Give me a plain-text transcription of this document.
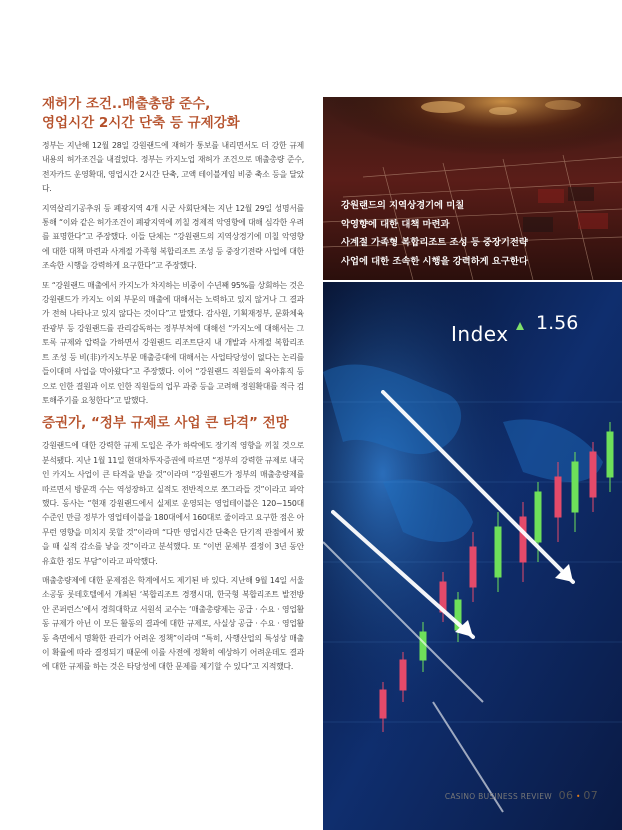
재허가 조건..매출총량 준수,
영업시간 2시간 단축 등 규제강화

정부는 지난해 12월 28일 강원랜드에 재허가 통보를 내리면서도 더 강한 규제 내용의 허가조건을 내걸었다. 정부는 카지노업 재허가 조건으로 매출총량 준수, 전자카드 운영확대, 영업시간 2시간 단축, 고액 테이블게임 비중 축소 등을 달았다.

지역살리기공추위 등 폐광지역 4개 시군 사회단체는 지난 12월 29일 성명서를 통해 “이와 같은 허가조건이 폐광지역에 끼칠 경제적 악영향에 대해 심각한 우려를 표명한다”고 주장했다. 이들 단체는 “강원랜드의 지역상경기에 미칠 악영향에 대한 대책 마련과 사계절 가족형 복합리조트 조성 등 중장기전략 사업에 대한 조속한 시행을 강력하게 요구한다”고 주장했다.

또 “강원랜드 매출에서 카지노가 차지하는 비중이 수년째 95%를 상회하는 것은 강원랜드가 카지노 이외 부문의 매출에 대해서는 노력하고 있지 않거나 그 결과가 전혀 나타나고 있지 않다는 것이다”고 말했다. 감사원, 기획재정부, 문화체육관광부 등 강원랜드를 관리감독하는 정부부처에 대해선 “카지노에 대해서는 그토록 규제와 압력을 가하면서 강원랜드 리조트단지 내 개발과 사계절 복합리조트 조성 등 비(非)카지노부문 매출증대에 대해서는 사업타당성이 없다는 논리를 들이대며 사업을 막아왔다”고 주장했다. 이어 “강원랜드 직원들의 육아휴직 등으로 인한 결원과 이로 인한 직원들의 업무 과중 등을 고려해 정원확대를 적극 검토해주기를 요청한다”고 말했다.

증권가, “정부 규제로 사업 큰 타격” 전망

강원랜드에 대한 강력한 규제 도입은 주가 하락에도 장기적 영향을 끼칠 것으로 분석됐다. 지난 1월 11일 현대차투자증권에 따르면 “정부의 강력한 규제로 내국인 카지노 사업이 큰 타격을 받을 것”이라며 “강원랜드가 정부의 매출총량제를 따르면서 방문객 수는 역성장하고 실적도 전반적으로 쪼그라들 것”이라고 파악했다. 동사는 “현재 강원랜드에서 실제로 운영되는 영업테이블은 120~150대 수준인 만큼 정부가 영업테이블을 180대에서 160대로 줄이라고 요구한 점은 아무런 영향을 미치지 못할 것”이라며 “다만 영업시간 단축은 단기적 관점에서 봤을 때 실적 감소를 낳을 것”이라고 분석했다. 또 “이번 문체부 결정이 3년 동안 유효한 점도 부담”이라고 파악했다.

매출총량제에 대한 문제점은 학계에서도 제기된 바 있다. 지난해 9월 14일 서울 소공동 롯데호텔에서 개최된 ‘복합리조트 경쟁시대, 한국형 복합리조트 발전방안 콘퍼런스’에서 경희대학교 서원석 교수는 ‘매출총량제는 공급 · 수요 · 영업활동 규제가 아닌 이 모든 활동의 결과에 대한 규제로, 사실상 공급 · 수요 · 영업활동 측면에서 명확한 관리가 어려운 정책”이라며 “특히, 사행산업의 특성상 매출이 확률에 따라 결정되기 때문에 이를 사전에 정확히 예상하기 어려운데도 결과에 대한 규제를 하는 것은 타당성에 대한 문제를 제기할 수 있다”고 지적했다.

강원랜드의 지역상경기에 미칠
악영향에 대한 대책 마련과
사계절 가족형 복합리조트 조성 등 중장기전략
사업에 대한 조속한 시행을 강력하게 요구한다
Index 1.56
CASINO BUSINESS REVIEW 06 • 07
